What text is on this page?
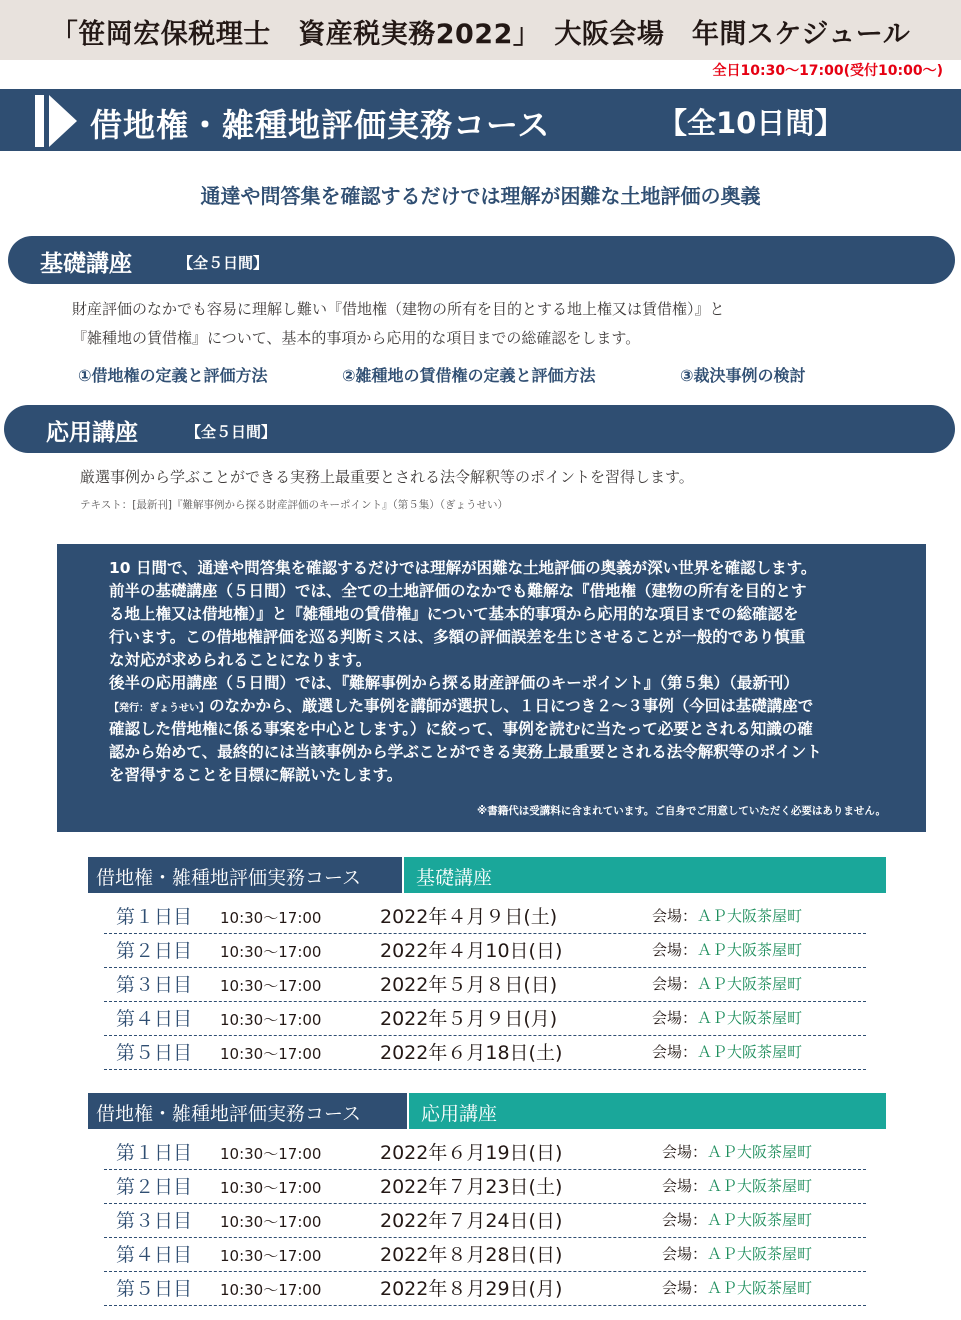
「笹岡宏保税理士　資産税実務2022」　大阪会場　年間スケジュール
全日10:30〜17:00(受付10:00〜)
借地権・雑種地評価実務コース	【全10日間】
通達や問答集を確認するだけでは理解が困難な土地評価の奥義
基礎講座	【全５日間】
財産評価のなかでも容易に理解し難い『借地権（建物の所有を目的とする地上権又は賃借権）』と
『雑種地の賃借権』について、基本的事項から応用的な項目までの総確認をします。
①借地権の定義と評価方法	②雑種地の賃借権の定義と評価方法	③裁決事例の検討
応用講座	【全５日間】
厳選事例から学ぶことができる実務上最重要とされる法令解釈等のポイントを習得します。
テキスト：[最新刊]『難解事例から探る財産評価のキーポイント』（第５集）（ぎょうせい）
10 日間で、通達や問答集を確認するだけでは理解が困難な土地評価の奥義が深い世界を確認します。
前半の基礎講座（５日間）では、全ての土地評価のなかでも難解な『借地権（建物の所有を目的とす
る地上権又は借地権）』と『雑種地の賃借権』について基本的事項から応用的な項目までの総確認を
行います。この借地権評価を巡る判断ミスは、多額の評価誤差を生じさせることが一般的であり慎重
な対応が求められることになります。
後半の応用講座（５日間）では、『難解事例から探る財産評価のキーポイント』（第５集）（最新刊）
【発行：ぎょうせい】のなかから、厳選した事例を講師が選択し、１日につき２〜３事例（今回は基礎講座で
確認した借地権に係る事案を中心とします。）に絞って、事例を読むに当たって必要とされる知識の確
認から始めて、最終的には当該事例から学ぶことができる実務上最重要とされる法令解釈等のポイント
を習得することを目標に解説いたします。
※書籍代は受講料に含まれています。ご自身でご用意していただく必要はありません。
借地権・雑種地評価実務コース	基礎講座
第１日目 10:30〜17:00	2022年４月９日(土)	会場：ＡＰ大阪茶屋町
第２日目 10:30〜17:00	2022年４月10日(日)	会場：ＡＰ大阪茶屋町
第３日目 10:30〜17:00	2022年５月８日(日)	会場：ＡＰ大阪茶屋町
第４日目 10:30〜17:00	2022年５月９日(月)	会場：ＡＰ大阪茶屋町
第５日目 10:30〜17:00	2022年６月18日(土)	会場：ＡＰ大阪茶屋町
借地権・雑種地評価実務コース	応用講座
第１日目 10:30〜17:00	2022年６月19日(日)	会場：ＡＰ大阪茶屋町
第２日目 10:30〜17:00	2022年７月23日(土)	会場：ＡＰ大阪茶屋町
第３日目 10:30〜17:00	2022年７月24日(日)	会場：ＡＰ大阪茶屋町
第４日目 10:30〜17:00	2022年８月28日(日)	会場：ＡＰ大阪茶屋町
第５日目 10:30〜17:00	2022年８月29日(月)	会場：ＡＰ大阪茶屋町
